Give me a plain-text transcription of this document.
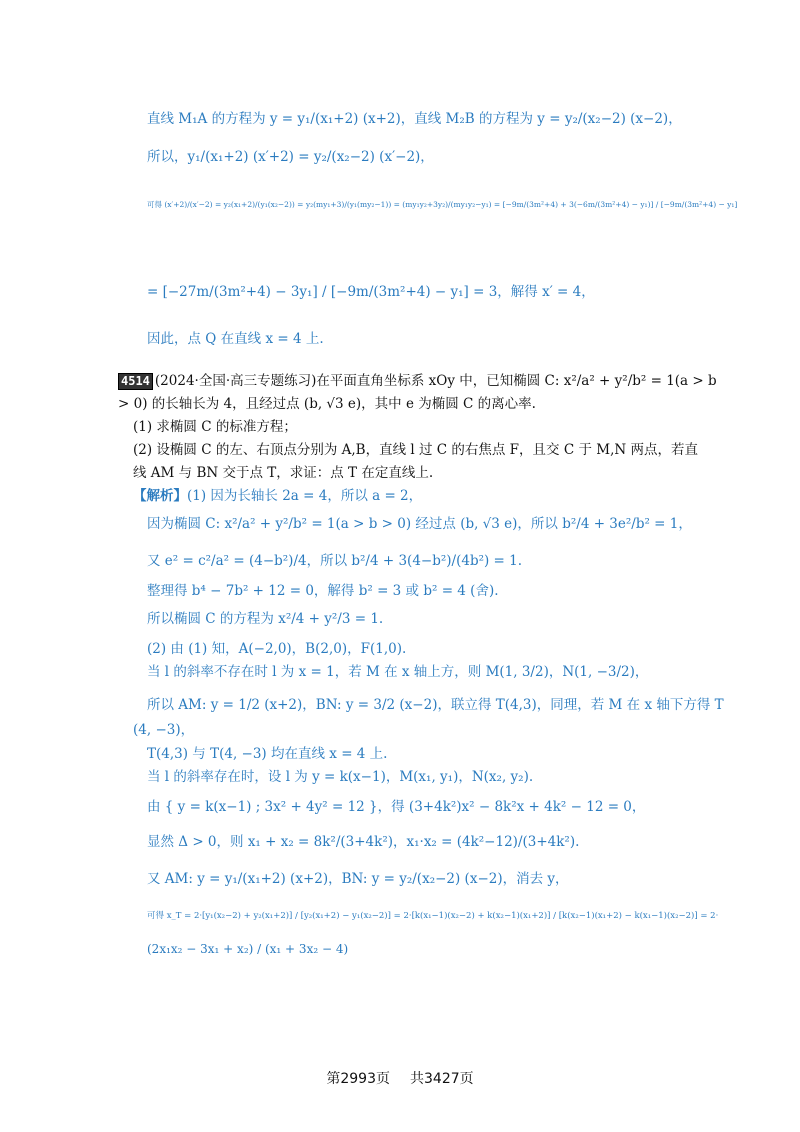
直线 M₁A 的方程为 y = y₁/(x₁+2) (x+2)，直线 M₂B 的方程为 y = y₂/(x₂−2) (x−2)，
所以，y₁/(x₁+2) (x′+2) = y₂/(x₂−2) (x′−2)，
可得 (x′+2)/(x′−2) = y₂(x₁+2)/(y₁(x₂−2)) = y₂(my₁+3)/(y₁(my₂−1)) = (my₁y₂+3y₂)/(my₁y₂−y₁) = [−9m/(3m²+4) + 3(−6m/(3m²+4) − y₁)] / [−9m/(3m²+4) − y₁]
= [−27m/(3m²+4) − 3y₁] / [−9m/(3m²+4) − y₁] = 3，解得 x′ = 4，
因此，点 Q 在直线 x = 4 上.
4514 (2024·全国·高三专题练习)在平面直角坐标系 xOy 中，已知椭圆 C: x²/a² + y²/b² = 1(a > b
> 0) 的长轴长为 4，且经过点 (b, √3 e)，其中 e 为椭圆 C 的离心率.
(1) 求椭圆 C 的标准方程；
(2) 设椭圆 C 的左、右顶点分别为 A,B，直线 l 过 C 的右焦点 F，且交 C 于 M,N 两点，若直
线 AM 与 BN 交于点 T，求证：点 T 在定直线上.
【解析】(1) 因为长轴长 2a = 4，所以 a = 2，
因为椭圆 C: x²/a² + y²/b² = 1(a > b > 0) 经过点 (b, √3 e)，所以 b²/4 + 3e²/b² = 1，
又 e² = c²/a² = (4−b²)/4，所以 b²/4 + 3(4−b²)/(4b²) = 1.
整理得 b⁴ − 7b² + 12 = 0，解得 b² = 3 或 b² = 4 (舍).
所以椭圆 C 的方程为 x²/4 + y²/3 = 1.
(2) 由 (1) 知，A(−2,0)，B(2,0)，F(1,0).
当 l 的斜率不存在时 l 为 x = 1，若 M 在 x 轴上方，则 M(1, 3/2)，N(1, −3/2)，
所以 AM: y = 1/2 (x+2)，BN: y = 3/2 (x−2)，联立得 T(4,3)，同理，若 M 在 x 轴下方得 T
(4, −3)，
T(4,3) 与 T(4, −3) 均在直线 x = 4 上.
当 l 的斜率存在时，设 l 为 y = k(x−1)，M(x₁, y₁)，N(x₂, y₂).
由 { y = k(x−1) ; 3x² + 4y² = 12 }，得 (3+4k²)x² − 8k²x + 4k² − 12 = 0，
显然 Δ > 0，则 x₁ + x₂ = 8k²/(3+4k²)，x₁·x₂ = (4k²−12)/(3+4k²).
又 AM: y = y₁/(x₁+2) (x+2)，BN: y = y₂/(x₂−2) (x−2)，消去 y，
可得 x_T = 2·[y₁(x₂−2) + y₂(x₁+2)] / [y₂(x₁+2) − y₁(x₂−2)] = 2·[k(x₁−1)(x₂−2) + k(x₂−1)(x₁+2)] / [k(x₂−1)(x₁+2) − k(x₁−1)(x₂−2)] = 2·
(2x₁x₂ − 3x₁ + x₂) / (x₁ + 3x₂ − 4)
第2993页 共3427页
